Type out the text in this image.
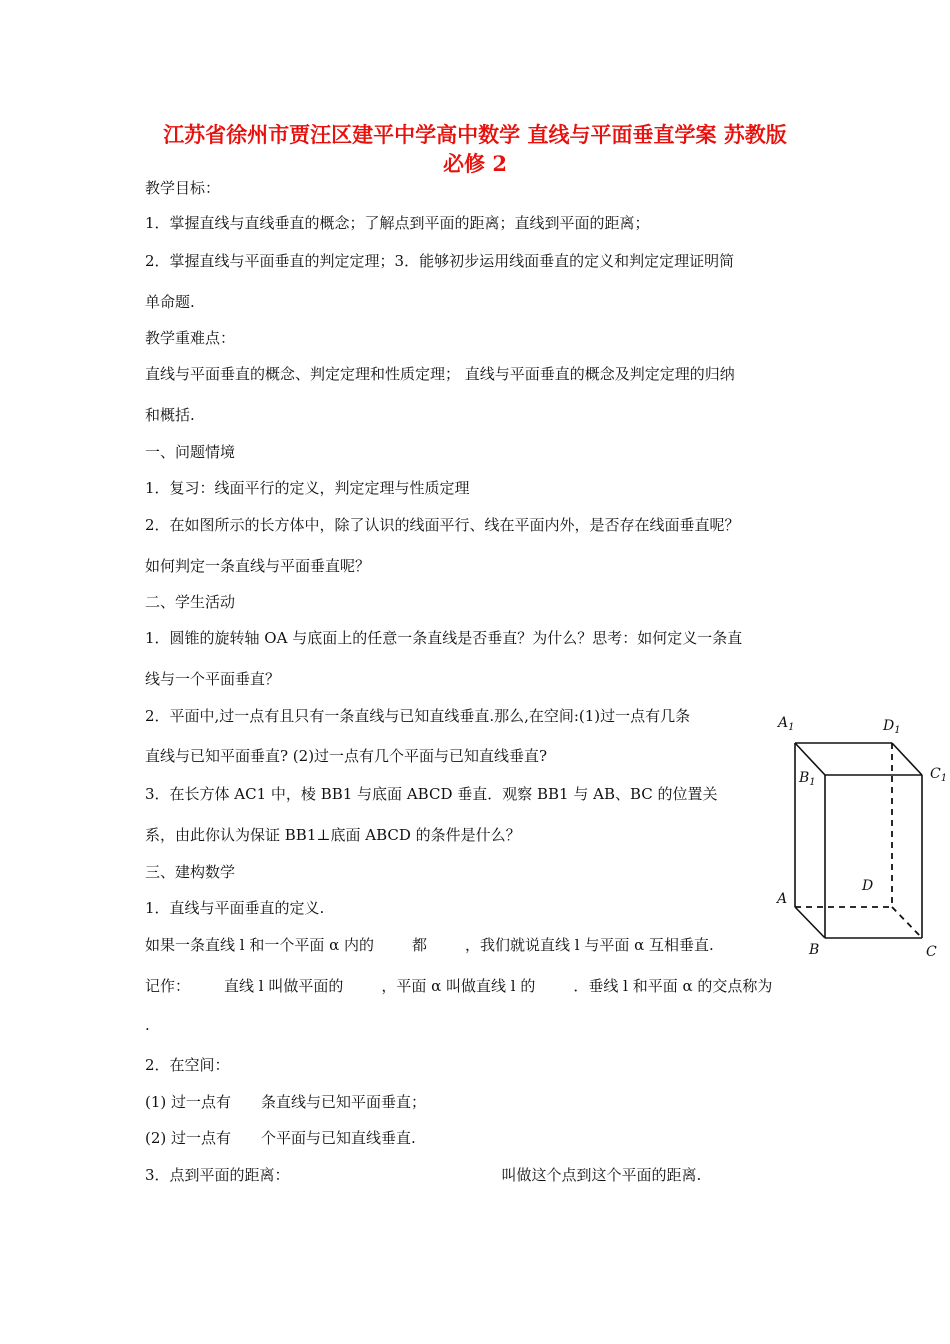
江苏省徐州市贾汪区建平中学高中数学 直线与平面垂直学案 苏教版
必修 2
教学目标：
1．掌握直线与直线垂直的概念；了解点到平面的距离；直线到平面的距离；
2．掌握直线与平面垂直的判定定理；3．能够初步运用线面垂直的定义和判定定理证明简
单命题.
教学重难点：
直线与平面垂直的概念、判定定理和性质定理； 直线与平面垂直的概念及判定定理的归纳
和概括.
一、问题情境
1．复习：线面平行的定义，判定定理与性质定理
2．在如图所示的长方体中，除了认识的线面平行、线在平面内外，是否存在线面垂直呢？
如何判定一条直线与平面垂直呢？
二、学生活动
1．圆锥的旋转轴 OA 与底面上的任意一条直线是否垂直？为什么？思考：如何定义一条直
线与一个平面垂直？
2．平面中,过一点有且只有一条直线与已知直线垂直.那么,在空间:(1)过一点有几条
直线与已知平面垂直? (2)过一点有几个平面与已知直线垂直?
3．在长方体 AC1 中，棱 BB1 与底面 ABCD 垂直．观察 BB1 与 AB、BC 的位置关
系，由此你认为保证 BB1⊥底面 ABCD 的条件是什么？
三、建构数学
1．直线与平面垂直的定义.
如果一条直线 l 和一个平面 α 内的	都	，我们就说直线 l 与平面 α 互相垂直.
记作： 直线 l 叫做平面的	，平面 α 叫做直线 l 的	．垂线 l 和平面 α 的交点称为
.
2．在空间：
(1) 过一点有 条直线与已知平面垂直；
(2) 过一点有 个平面与已知直线垂直.
3．点到平面的距离：	叫做这个点到这个平面的距离.
$A_1$	$D_1$
$B_1$
$C_1$
D
A
B	C
